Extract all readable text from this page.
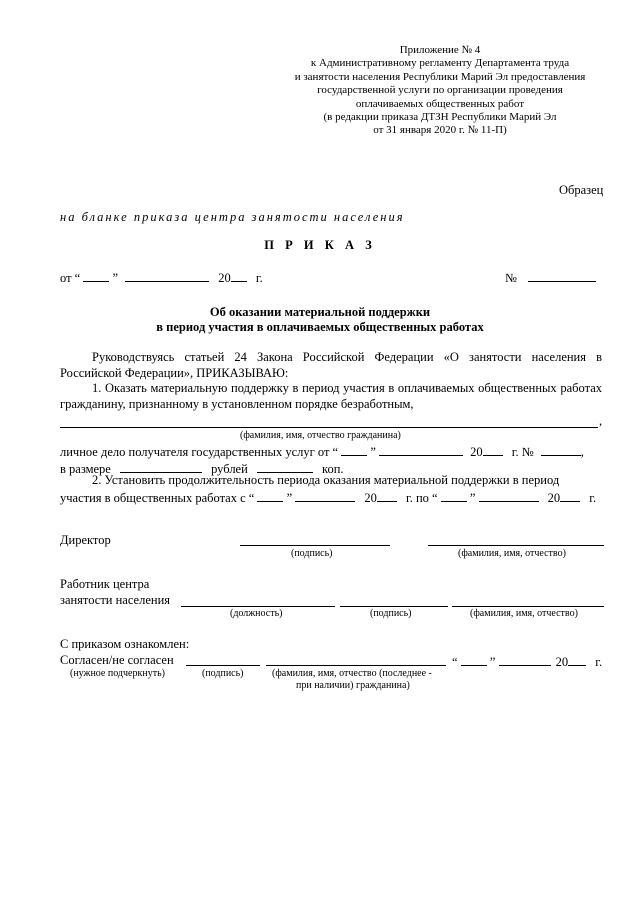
Приложение № 4
к Административному регламенту Департамента труда
и занятости населения Республики Марий Эл предоставления
государственной услуги по организации проведения
оплачиваемых общественных работ
(в редакции приказа ДТЗН Республики Марий Эл
от 31 января 2020 г. № 11-П)
Образец
на бланке приказа центра занятости населения
П Р И К А З
от “	”	20 г.	№
Об оказании материальной поддержки
в период участия в оплачиваемых общественных работах
Руководствуясь статьей 24 Закона Российской Федерации «О занятости населения в Российской Федерации», ПРИКАЗЫВАЮ:
1. Оказать материальную поддержку в период участия в оплачиваемых общественных работах гражданину, признанному в установленном порядке безработным,
,
(фамилия, имя, отчество гражданина)
личное дело получателя государственных услуг от “	”	20 г. №	,
в размере	рублей	коп.
2. Установить продолжительность периода оказания материальной поддержки в период
участия в общественных работах с “	”	20 г. по “	”	20 г.
Директор
(подпись)	(фамилия, имя, отчество)
Работник центра
занятости населения
(должность)	(подпись)	(фамилия, имя, отчество)
С приказом ознакомлен:
Согласен/не согласен	“	”	20 г.
(нужное подчеркнуть)	(подпись)	(фамилия, имя, отчество (последнее -
при наличии) гражданина)
